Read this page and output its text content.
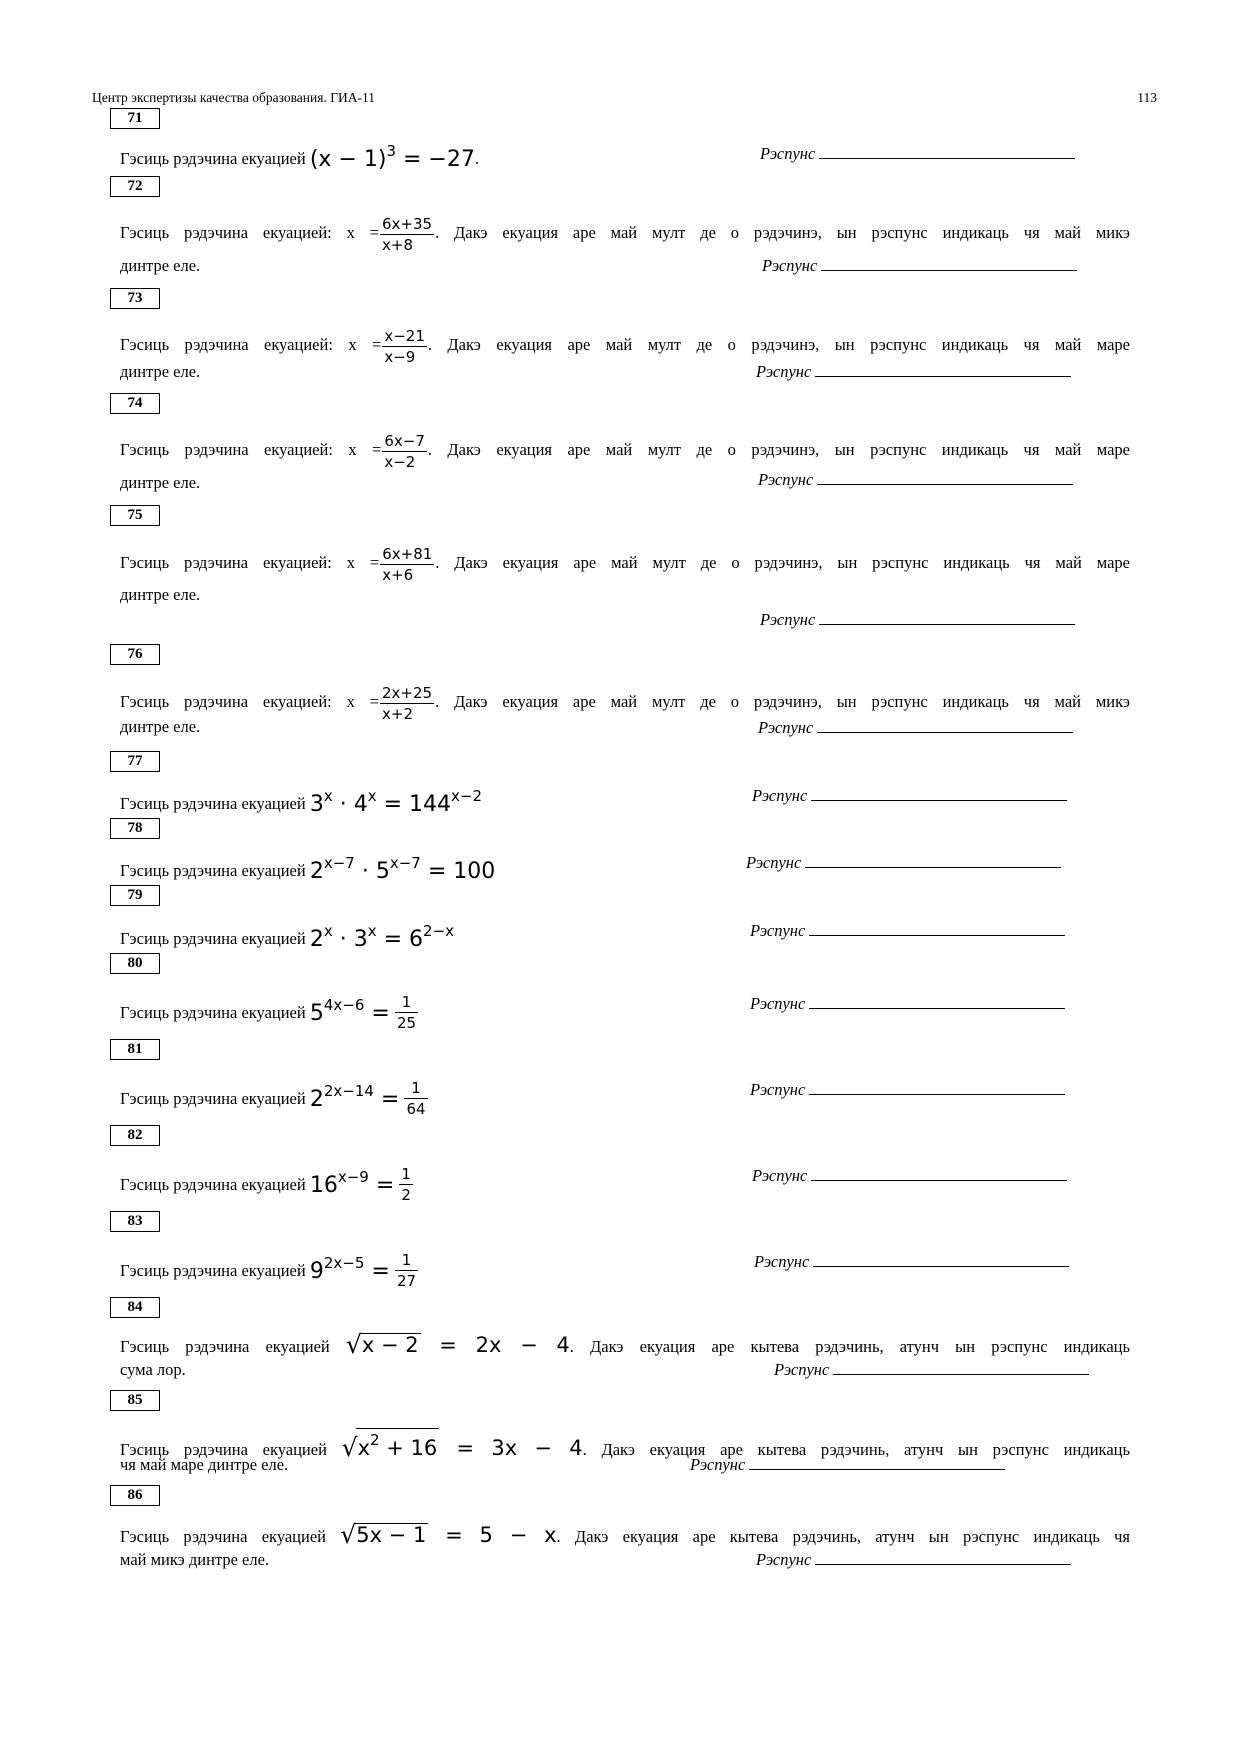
Центр экспертизы качества образования. ГИА-11	113
71
Гэсиць рэдэчина екуацией $(x - 1)^3 = -27$.	Рэспунс
72
Гэсиць рэдэчина екуацией: $x = \frac{6x+35}{x+8}$ . Дакэ екуация аре май мулт де о рэдэчинэ, ын рэспунс индикаць чя май микэ
динтре еле.	Рэспунс
73
Гэсиць рэдэчина екуацией: $x = \frac{x-21}{x-9}$ . Дакэ екуация аре май мулт де о рэдэчинэ, ын рэспунс индикаць чя май маре
динтре еле.	Рэспунс
74
Гэсиць рэдэчина екуацией: $x = \frac{6x-7}{x-2}$ . Дакэ екуация аре май мулт де о рэдэчинэ, ын рэспунс индикаць чя май маре
динтре еле.	Рэспунс
75
Гэсиць рэдэчина екуацией: $x = \frac{6x+81}{x+6}$ . Дакэ екуация аре май мулт де о рэдэчинэ, ын рэспунс индикаць чя май маре
динтре еле.
Рэспунс
76
Гэсиць рэдэчина екуацией: $x = \frac{2x+25}{x+2}$ . Дакэ екуация аре май мулт де о рэдэчинэ, ын рэспунс индикаць чя май микэ
динтре еле.	Рэспунс
77
Гэсиць рэдэчина екуацией $3^x \cdot 4^x = 144^{x-2}$	Рэспунс
78
Гэсиць рэдэчина екуацией $2^{x-7} \cdot 5^{x-7} = 100$	Рэспунс
79
Гэсиць рэдэчина екуацией $2^x \cdot 3^x = 6^{2-x}$	Рэспунс
80
Гэсиць рэдэчина екуацией $5^{4x-6} = \frac{1}{25}$	Рэспунс
81
Гэсиць рэдэчина екуацией $2^{2x-14} = \frac{1}{64}$	Рэспунс
82
Гэсиць рэдэчина екуацией $16^{x-9} = \frac{1}{2}$	Рэспунс
83
Гэсиць рэдэчина екуацией $9^{2x-5} = \frac{1}{27}$	Рэспунс
84
Гэсиць рэдэчина екуацией √x − 2 = 2x − 4. Дакэ екуация аре кытева рэдэчинь, атунч ын рэспунс индикаць
сума лор.	Рэспунс
85
Гэсиць рэдэчина екуацией $√x^2 + 16 = 3x - 4$. Дакэ екуация аре кытева рэдэчинь, атунч ын рэспунс индикаць
чя май маре динтре еле.	Рэспунс
86
Гэсиць рэдэчина екуацией √5x − 1 = 5 − x. Дакэ екуация аре кытева рэдэчинь, атунч ын рэспунс индикаць чя
май микэ динтре еле.	Рэспунс
